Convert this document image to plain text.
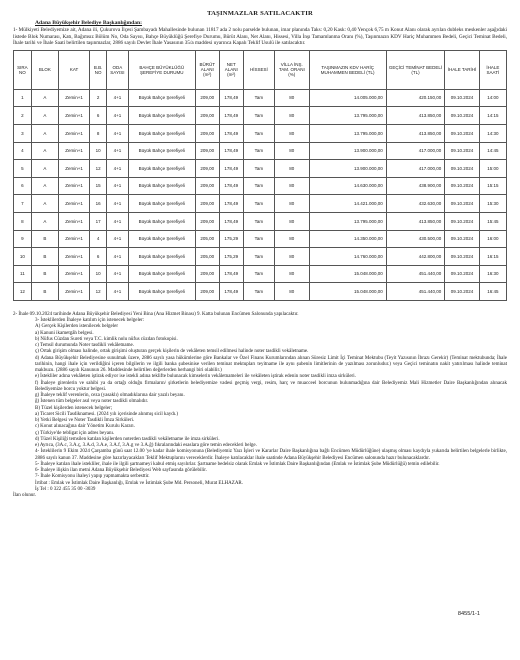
TAŞINMAZLAR SATILACAKTIR
Adana Büyükşehir Belediye Başkanlığından:

1- Mülkiyeti Belediyemize ait, Adana ili, Çukurova İlçesi Şambayadı Mahallesinde bulunan 11817 ada 2 nolu parselde bulunan, imar planında Taks: 0,20 Kask: 0,40 Yençok 6,75 m Konut Alanı olarak ayrılan dubleks meskenler aşağıdaki listede Blok Numarası, Katı, Bağımsız Bölüm No, Oda Sayısı, Bahçe Büyüklüğü Şerefiye Durumu, Bürüt Alanı, Net Alanı, Hissesi, Villa İnşı Tamamlanma Oranı (%), Taşınmazın KDV Hariç Muhammen Bedeli, Geçici Teminat Bedeli, İhale tarihi ve İhale Saati belirtilen taşınmazlar, 2886 sayılı Devlet İhale Yasasının 35/a maddesi uyarınca Kapalı Teklif Usulü ile satılacaktır.

SIRA NO	BLOK	KAT	B.B. NO	ODA SAYISI	BAHÇE BÜYÜKLÜĞÜ ŞEREFİYE DURUMU	BÜRÜT ALANI (m²)	NET ALANI (m²)	HİSSESİ	VİLLA İNŞ. TAM. ORANI (%)	TAŞINMAZIN KDV HARİÇ MUHAMMEN BEDELİ (TL)	GEÇİCİ TEMİNAT BEDELİ (TL)	İHALE TARİHİ	İHALE SAATİ
1	A	Zemin+1	2	4+1	Büyük Bahçe Şerefiyeli	209,00	178,49	Tam	80	14.005.000,00	420.150,00	09.10.2024	14:00
2	A	Zemin+1	6	4+1	Büyük Bahçe Şerefiyeli	209,00	178,49	Tam	80	13.795.000,00	413.850,00	09.10.2024	14:15
3	A	Zemin+1	8	4+1	Büyük Bahçe Şerefiyeli	209,00	178,49	Tam	80	13.795.000,00	413.850,00	09.10.2024	14:30
4	A	Zemin+1	10	4+1	Büyük Bahçe Şerefiyeli	209,00	178,49	Tam	80	13.900.000,00	417.000,00	09.10.2024	14:45
5	A	Zemin+1	12	4+1	Büyük Bahçe Şerefiyeli	209,00	178,49	Tam	80	13.900.000,00	417.000,00	09.10.2024	15:00
6	A	Zemin+1	15	4+1	Büyük Bahçe Şerefiyeli	209,00	178,49	Tam	80	14.630.000,00	438.900,00	09.10.2024	15:15
7	A	Zemin+1	16	4+1	Büyük Bahçe Şerefiyeli	209,00	178,49	Tam	80	14.421.000,00	432.630,00	09.10.2024	15:30
8	A	Zemin+1	17	4+1	Büyük Bahçe Şerefiyeli	209,00	178,49	Tam	80	13.795.000,00	413.850,00	09.10.2024	15:45
9	B	Zemin+1	4	4+1	Büyük Bahçe Şerefiyeli	205,00	175,29	Tam	80	14.350.000,00	430.500,00	09.10.2024	16:00
10	B	Zemin+1	6	4+1	Büyük Bahçe Şerefiyeli	205,00	175,29	Tam	80	14.760.000,00	442.800,00	09.10.2024	16:15
11	B	Zemin+1	10	4+1	Büyük Bahçe Şerefiyeli	209,00	178,49	Tam	80	15.048.000,00	451.440,00	09.10.2024	16:30
12	B	Zemin+1	12	4+1	Büyük Bahçe Şerefiyeli	209,00	178,49	Tam	80	15.048.000,00	451.440,00	09.10.2024	16:45
2- İhale 09.10.2024 tarihinde Adana Büyükşehir Belediyesi Yeni Bina (Ana Hizmet Binası) 9. Katta bulunan Encümen Salonunda yapılacaktır.
3- İsteklilerden İhaleye katılım için istenecek belgeler:
A) Gerçek Kişilerden istenilecek belgeler
a) Kanuni ikametgâh belgesi.
b) Nüfus Cüzdan Sureti veya T.C. kimlik nolu nüfus cüzdan fotokopisi.
c) Temsil durumunda Noter tasdikli vekâletname.
ç) Ortak girişim olması halinde, ortak girişimi oluşturan gerçek kişilerin de vekâleten temsil edilmesi halinde noter tasdikli vekâletname.
d) Adana Büyükşehir Belediyesine sunulmak üzere, 2886 sayılı yasa hükümlerine göre Bankalar ve Özel Finans Kurumlarından alınan Süresiz Limit İçi Teminat Mektubu (Teyit Yazısının İbrazı Gerekir) (Teminat mektubunda; İhale tarihinin, hangi ihale için verildiğini içeren bilgilerin ve ilgili banka şubesinise verilen teminat mektupları teyitname ile aynı şubenin limitlerinin de yazılması zorunludur.) veya Geçici teminatın nakit yatırılması halinde teminat makbuzu. (2886 sayılı Kanunun 26. Maddesinde belirtilen değerlerden herhangi biri olabilir.)
e) İstekliler adına vekâleten iştirak ediyor ise istekli adına teklifte bulunacak kimselerin vekâletnameleri ile vekâleten iştirak edenin noter tasdikli imza sirküleri.
f) İhaleye girenlerin ve sahibi ya da ortağı olduğu firmaların/ şirketlerin belediyemize vadesi geçmiş vergi, resim, harç ve muacceel borcunun bulunmadığına dair Belediyemiz Mali Hizmetler Daire Başkanlığından alınacak Belediyemize borcu yoktur belgesi.
g) İhaleye teklif verenlerin, ceza (yasaklı) olmadıklarına dair yazılı beyanı.
ğ) İstenen tüm belgeler asıl veya noter tasdikli olmalıdır.
B) Tüzel kişilerden istenecek belgeler;
a) Ticaret Sicili Tasdiknamesi. (2024 yılı içerisinde alınmış sicil kaydı.)
b) Yetki Belgesi ve Noter Tasdikli İmza Sirküleri.
c) Konut alınacağına dair Yönetim Kurulu Kararı.
ç) Türkiye'de tebligat için adres beyanı.
d) Tüzel Kişiliği temsilen katılan kişilerden noterden tasdikli vekâletname ile imza sirküleri.
e) Ayrıca, (3A.c, 3.A.ç, 3.A.d, 3.A.e, 3.A.f, 3.A.g ve 3.A.ğ) fıkralarındaki esaslara göre temin edecekleri belge.
4- İsteklilerin 9 Ekim 2024 Çarşamba günü saat 12.00 'ye kadar ihale komisyonuna (Belediyemiz Yazı İşleri ve Kararlar Daire Başkanlığına bağlı Encümen Müdürlüğüne) ulaşmış olması kaydıyla yukarıda belirtilen belgelerle birlikte, 2886 sayılı kanun 37. Maddesine göre hazırlayacakları Teklif Mektuplarını vereceklerdir. İhaleye katılacaklar ihale saatinde Adana Büyükşehir Belediyesi Encümen salonunda hazır bulunacaklardır.
5- İhaleye katılan ihale istekliler, ihale ile ilgili şartnameyi kabul etmiş sayılırlar. Şartname bedelsiz olarak Emlak ve İstimlak Daire Başkanlığından (Emlak ve İstimlak Şube Müdürlüğü) temin edilebilir.
6- İhaleye ilişkin ilan metni Adana Büyükşehir Belediyesi Web sayfasında görülebilir.
7- İhale Komisyonu ihaleyi yapıp yapmamakta serbesttir.
İrtibat : Emlak ve İstimlak Daire Başkanlığı, Emlak ve İstimlak Şube Md. Personeli, Murat ELHAZAR.
İş Tel : 0 322 455 35 00 -3039
İlan olunur.
8455/1-1
